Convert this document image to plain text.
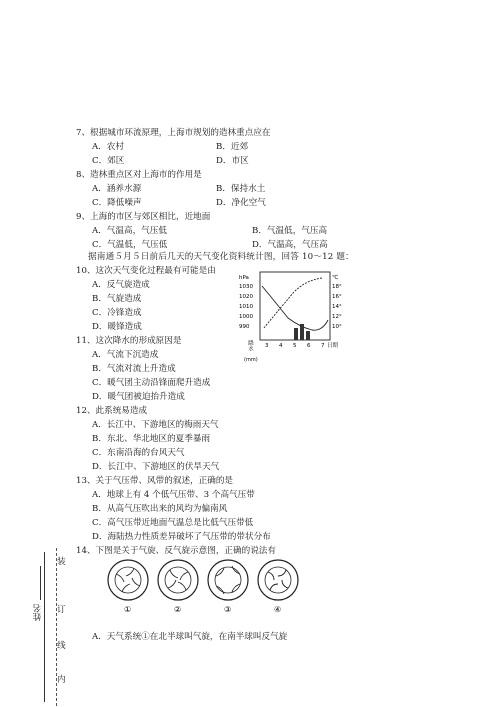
7、根据城市环流原理，上海市规划的造林重点应在
A．农村	B．近郊
C．郊区	D．市区
8、造林重点区对上海市的作用是
A．涵养水源	B．保持水土
C．降低噪声	D．净化空气
9、上海的市区与郊区相比，近地面
A．气温高，气压低	B．气温低，气压高
C．气温低，气压低	D．气温高，气压高
据南通５月５日前后几天的天气变化资料统计图，回答 10～12 题：
10、这次天气变化过程最有可能是由
A．反气旋造成
B．气旋造成
C．冷锋造成
D．暖锋造成
11、这次降水的形成原因是
A．气流下沉造成
B．气流对流上升造成
C．暖气团主动沿锋面爬升造成
D．暖气团被迫抬升造成
12、此系统易造成
A．长江中、下游地区的梅雨天气
B．东北、华北地区的夏季暴雨
C．东南沿海的台风天气
D．长江中、下游地区的伏旱天气
13、关于气压带、风带的叙述，正确的是
A．地球上有 4 个低气压带、3 个高气压带
B．从高气压吹出来的风均为偏南风
C．高气压带近地面气温总是比低气压带低
D．海陆热力性质差异破坏了气压带的带状分布
14、下图是关于气旋、反气旋示意图，正确的说法有
A．天气系统①在北半球叫气旋，在南半球叫反气旋
hPa
1030
1020
1010
1000
990
℃
18°
16°
14°
12°
10°
3 4 5 6 7 日期
降水
(mm)
①	②	③	④
装
订
线
内
姓名
